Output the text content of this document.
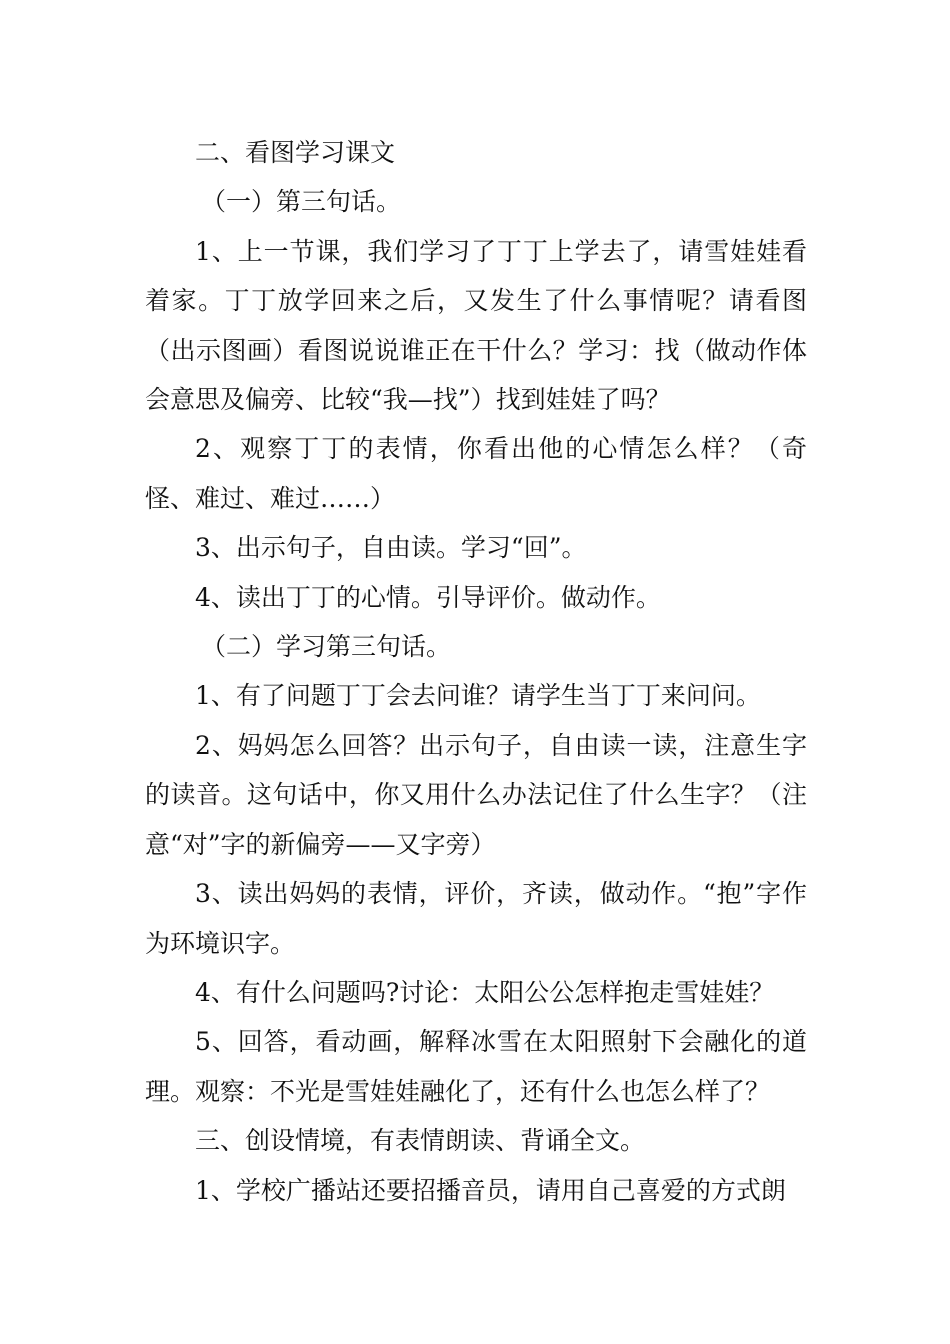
二、看图学习课文

（一）第三句话。

1、上一节课，我们学习了丁丁上学去了，请雪娃娃看着家。丁丁放学回来之后，又发生了什么事情呢？请看图（出示图画）看图说说谁正在干什么？学习：找（做动作体会意思及偏旁、比较“我—找”）找到娃娃了吗？

2、观察丁丁的表情，你看出他的心情怎么样？（奇怪、难过、难过……）

3、出示句子，自由读。学习“回”。

4、读出丁丁的心情。引导评价。做动作。

（二）学习第三句话。

1、有了问题丁丁会去问谁？请学生当丁丁来问问。

2、妈妈怎么回答？出示句子，自由读一读，注意生字的读音。这句话中，你又用什么办法记住了什么生字？（注意“对”字的新偏旁——又字旁）

3、读出妈妈的表情，评价，齐读，做动作。“抱”字作为环境识字。

4、有什么问题吗?讨论：太阳公公怎样抱走雪娃娃？

5、回答，看动画，解释冰雪在太阳照射下会融化的道理。观察：不光是雪娃娃融化了，还有什么也怎么样了？

三、创设情境，有表情朗读、背诵全文。

1、学校广播站还要招播音员，请用自己喜爱的方式朗
